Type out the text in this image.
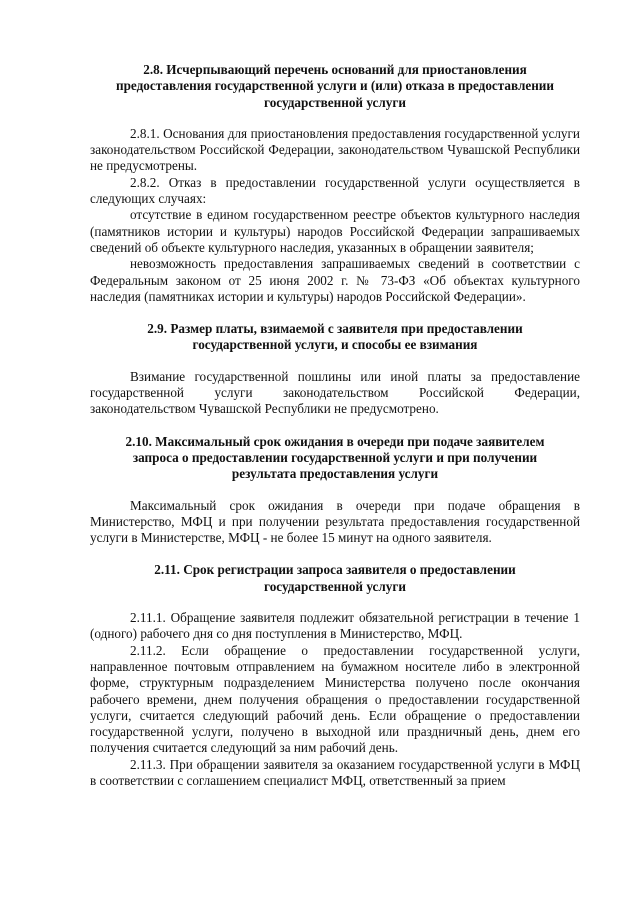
2.8. Исчерпывающий перечень оснований для приостановления
предоставления государственной услуги и (или) отказа в предоставлении
государственной услуги

2.8.1. Основания для приостановления предоставления государственной услуги законодательством Российской Федерации, законодательством Чувашской Республики не предусмотрены.

2.8.2. Отказ в предоставлении государственной услуги осуществляется в следующих случаях:

отсутствие в едином государственном реестре объектов культурного наследия (памятников истории и культуры) народов Российской Федерации запрашиваемых сведений об объекте культурного наследия, указанных в обращении заявителя;

невозможность предоставления запрашиваемых сведений в соответствии с Федеральным законом от 25 июня 2002 г. № 73-ФЗ «Об объектах культурного наследия (памятниках истории и культуры) народов Российской Федерации».

2.9. Размер платы, взимаемой с заявителя при предоставлении
государственной услуги, и способы ее взимания

Взимание государственной пошлины или иной платы за предоставление государственной услуги законодательством Российской Федерации, законодательством Чувашской Республики не предусмотрено.

2.10. Максимальный срок ожидания в очереди при подаче заявителем
запроса о предоставлении государственной услуги и при получении
результата предоставления услуги

Максимальный срок ожидания в очереди при подаче обращения в Министерство, МФЦ и при получении результата предоставления государственной услуги в Министерстве, МФЦ - не более 15 минут на одного заявителя.

2.11. Срок регистрации запроса заявителя о предоставлении
государственной услуги

2.11.1. Обращение заявителя подлежит обязательной регистрации в течение 1 (одного) рабочего дня со дня поступления в Министерство, МФЦ.

2.11.2. Если обращение о предоставлении государственной услуги, направленное почтовым отправлением на бумажном носителе либо в электронной форме, структурным подразделением Министерства получено после окончания рабочего времени, днем получения обращения о предоставлении государственной услуги, считается следующий рабочий день. Если обращение о предоставлении государственной услуги, получено в выходной или праздничный день, днем его получения считается следующий за ним рабочий день.

2.11.3. При обращении заявителя за оказанием государственной услуги в МФЦ в соответствии с соглашением специалист МФЦ, ответственный за прием
